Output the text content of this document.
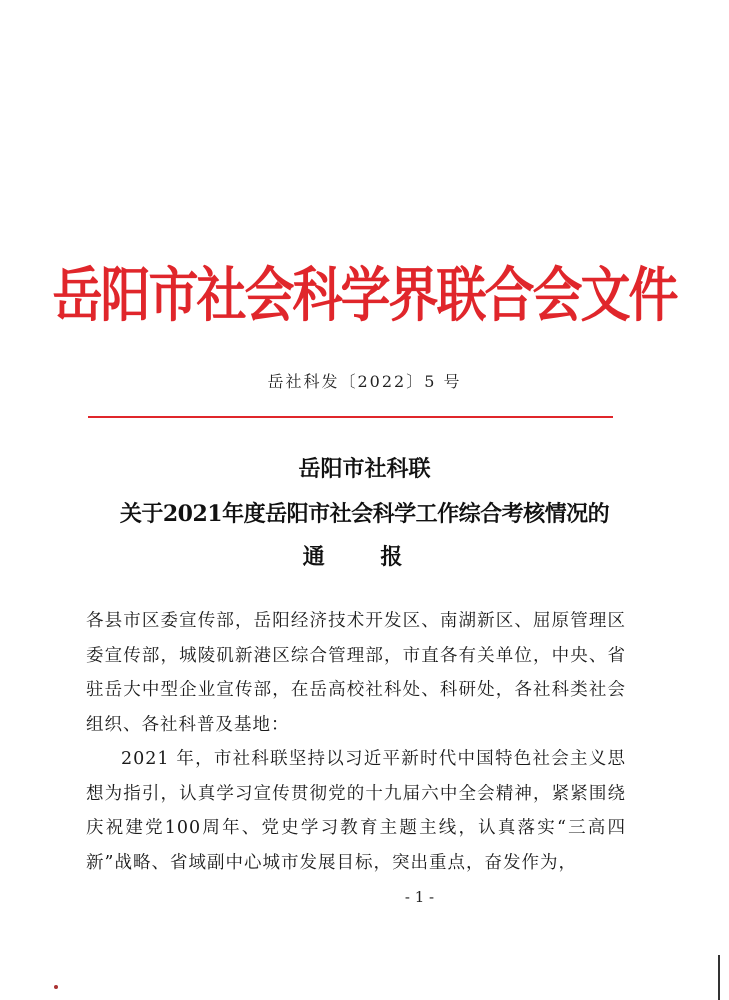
岳阳市社会科学界联合会文件
岳社科发〔2022〕5 号
岳阳市社科联
关于2021年度岳阳市社会科学工作综合考核情况的
通 报
各县市区委宣传部，岳阳经济技术开发区、南湖新区、屈原管理区委宣传部，城陵矶新港区综合管理部，市直各有关单位，中央、省驻岳大中型企业宣传部，在岳高校社科处、科研处，各社科类社会组织、各社科普及基地：
2021 年，市社科联坚持以习近平新时代中国特色社会主义思想为指引，认真学习宣传贯彻党的十九届六中全会精神，紧紧围绕庆祝建党100周年、党史学习教育主题主线，认真落实“三高四新”战略、省域副中心城市发展目标，突出重点，奋发作为，
- 1 -
